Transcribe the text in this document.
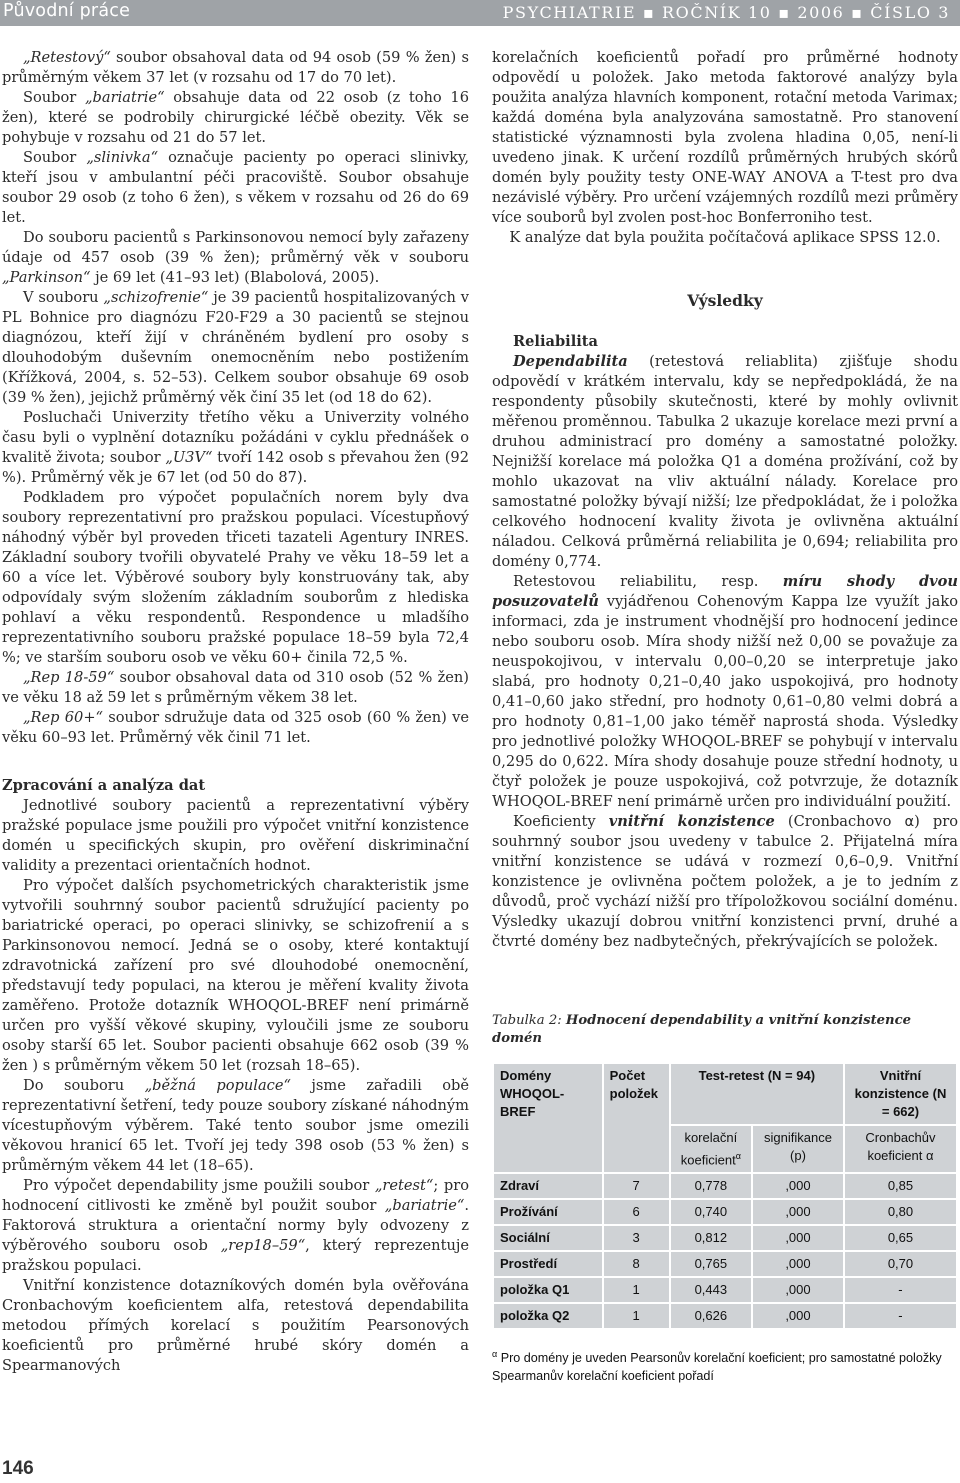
Původní práce	PSYCHIATRIE ▪ ROČNÍK 10 ▪ 2006 ▪ ČÍSLO 3

„Retestový“ soubor obsahoval data od 94 osob (59 % žen) s průměrným věkem 37 let (v rozsahu od 17 do 70 let).

Soubor „bariatrie“ obsahuje data od 22 osob (z toho 16 žen), které se podrobily chirurgické léčbě obezity. Věk se pohybuje v rozsahu od 21 do 57 let.

Soubor „slinivka“ označuje pacienty po operaci slinivky, kteří jsou v ambulantní péči pracoviště. Soubor obsahuje soubor 29 osob (z toho 6 žen), s věkem v rozsahu od 26 do 69 let.

Do souboru pacientů s Parkinsonovou nemocí byly zařazeny údaje od 457 osob (39 % žen); průměrný věk v souboru „Parkinson“ je 69 let (41–93 let) (Blabolová, 2005).

V souboru „schizofrenie“ je 39 pacientů hospitalizovaných v PL Bohnice pro diagnózu F20-F29 a 30 pacientů se stejnou diagnózou, kteří žijí v chráněném bydlení pro osoby s dlouhodobým duševním onemocněním nebo postižením (Křížková, 2004, s. 52–53). Celkem soubor obsahuje 69 osob (39 % žen), jejichž průměrný věk činí 35 let (od 18 do 62).

Posluchači Univerzity třetího věku a Univerzity volného času byli o vyplnění dotazníku požádáni v cyklu přednášek o kvalitě života; soubor „U3V“ tvoří 142 osob s převahou žen (92 %). Průměrný věk je 67 let (od 50 do 87).

Podkladem pro výpočet populačních norem byly dva soubory reprezentativní pro pražskou populaci. Vícestupňový náhodný výběr byl proveden třiceti tazateli Agentury INRES. Základní soubory tvořili obyvatelé Prahy ve věku 18–59 let a 60 a více let. Výběrové soubory byly konstruovány tak, aby odpovídaly svým složením základním souborům z hlediska pohlaví a věku respondentů. Respondence u mladšího reprezentativního souboru pražské populace 18–59 byla 72,4 %; ve starším souboru osob ve věku 60+ činila 72,5 %.

„Rep 18-59“ soubor obsahoval data od 310 osob (52 % žen) ve věku 18 až 59 let s průměrným věkem 38 let.

„Rep 60+“ soubor sdružuje data od 325 osob (60 % žen) ve věku 60–93 let. Průměrný věk činil 71 let.

Zpracování a analýza dat

Jednotlivé soubory pacientů a reprezentativní výběry pražské populace jsme použili pro výpočet vnitřní konzistence domén u specifických skupin, pro ověření diskriminační validity a prezentaci orientačních hodnot.

Pro výpočet dalších psychometrických charakteristik jsme vytvořili souhrnný soubor pacientů sdružující pacienty po bariatrické operaci, po operaci slinivky, se schizofrenií a s Parkinsonovou nemocí. Jedná se o osoby, které kontaktují zdravotnická zařízení pro své dlouhodobé onemocnění, představují tedy populaci, na kterou je měření kvality života zaměřeno. Protože dotazník WHOQOL-BREF není primárně určen pro vyšší věkové skupiny, vyloučili jsme ze souboru osoby starší 65 let. Soubor pacienti obsahuje 662 osob (39 % žen ) s průměrným věkem 50 let (rozsah 18–65).

Do souboru „běžná populace“ jsme zařadili obě reprezentativní šetření, tedy pouze soubory získané náhodným vícestupňovým výběrem. Také tento soubor jsme omezili věkovou hranicí 65 let. Tvoří jej tedy 398 osob (53 % žen) s průměrným věkem 44 let (18–65).

Pro výpočet dependability jsme použili soubor „retest“; pro hodnocení citlivosti ke změně byl použit soubor „bariatrie“. Faktorová struktura a orientační normy byly odvozeny z výběrového souboru osob „rep18–59“, který reprezentuje pražskou populaci.

Vnitřní konzistence dotazníkových domén byla ověřována Cronbachovým koeficientem alfa, retestová dependabilita metodou přímých korelací s použitím Pearsonových koeficientů pro průměrné hrubé skóry domén a Spearmanových

korelačních koeficientů pořadí pro průměrné hodnoty odpovědí u položek. Jako metoda faktorové analýzy byla použita analýza hlavních komponent, rotační metoda Varimax; každá doména byla analyzována samostatně. Pro stanovení statistické významnosti byla zvolena hladina 0,05, není-li uvedeno jinak. K určení rozdílů průměrných hrubých skórů domén byly použity testy ONE-WAY ANOVA a T-test pro dva nezávislé výběry. Pro určení vzájemných rozdílů mezi průměry více souborů byl zvolen post-hoc Bonferroniho test.

K analýze dat byla použita počítačová aplikace SPSS 12.0.

Výsledky
Reliabilita

Dependabilita (retestová reliablita) zjišťuje shodu odpovědí v krátkém intervalu, kdy se nepředpokládá, že na respondenty působily skutečnosti, které by mohly ovlivnit měřenou proměnnou. Tabulka 2 ukazuje korelace mezi první a druhou administrací pro domény a samostatné položky. Nejnižší korelace má položka Q1 a doména prožívání, což by mohlo ukazovat na vliv aktuální nálady. Korelace pro samostatné položky bývají nižší; lze předpokládat, že i položka celkového hodnocení kvality života je ovlivněna aktuální náladou. Celková průměrná reliabilita je 0,694; reliabilita pro domény 0,774.

Retestovou reliabilitu, resp. míru shody dvou posuzovatelů vyjádřenou Cohenovým Kappa lze využít jako informaci, zda je instrument vhodnější pro hodnocení jedince nebo souboru osob. Míra shody nižší než 0,00 se považuje za neuspokojivou, v intervalu 0,00–0,20 se interpretuje jako slabá, pro hodnoty 0,21–0,40 jako uspokojivá, pro hodnoty 0,41–0,60 jako střední, pro hodnoty 0,61–0,80 velmi dobrá a pro hodnoty 0,81–1,00 jako téměř naprostá shoda. Výsledky pro jednotlivé položky WHOQOL-BREF se pohybují v intervalu 0,295 do 0,622. Míra shody dosahuje pouze střední hodnoty, u čtyř položek je pouze uspokojivá, což potvrzuje, že dotazník WHOQOL-BREF není primárně určen pro individuální použití.

Koeficienty vnitřní konzistence (Cronbachovo α) pro souhrnný soubor jsou uvedeny v tabulce 2. Přijatelná míra vnitřní konzistence se udává v rozmezí 0,6–0,9. Vnitřní konzistence je ovlivněna počtem položek, a je to jedním z důvodů, proč vychází nižší pro třípoložkovou sociální doménu. Výsledky ukazují dobrou vnitřní konzistenci první, druhé a čtvrté domény bez nadbytečných, překrývajících se položek.

Tabulka 2: Hodnocení dependability a vnitřní konzistence domén
Domény WHOQOL-BREF	Počet položek	Test-retest (N = 94)		Vnitřní konzistence (N = 662)
		korelační koeficient$^\alpha$	signifikance (p)	Cronbachův koeficient α
Zdraví	7	0,778	,000	0,85
Prožívání	6	0,740	,000	0,80
Sociální	3	0,812	,000	0,65
Prostředí	8	0,765	,000	0,70
položka Q1	1	0,443	,000	-
položka Q2	1	0,626	,000	-
$^\alpha$ Pro domény je uveden Pearsonův korelační koeficient; pro samostatné položky Spearmanův korelační koeficient pořadí
146
